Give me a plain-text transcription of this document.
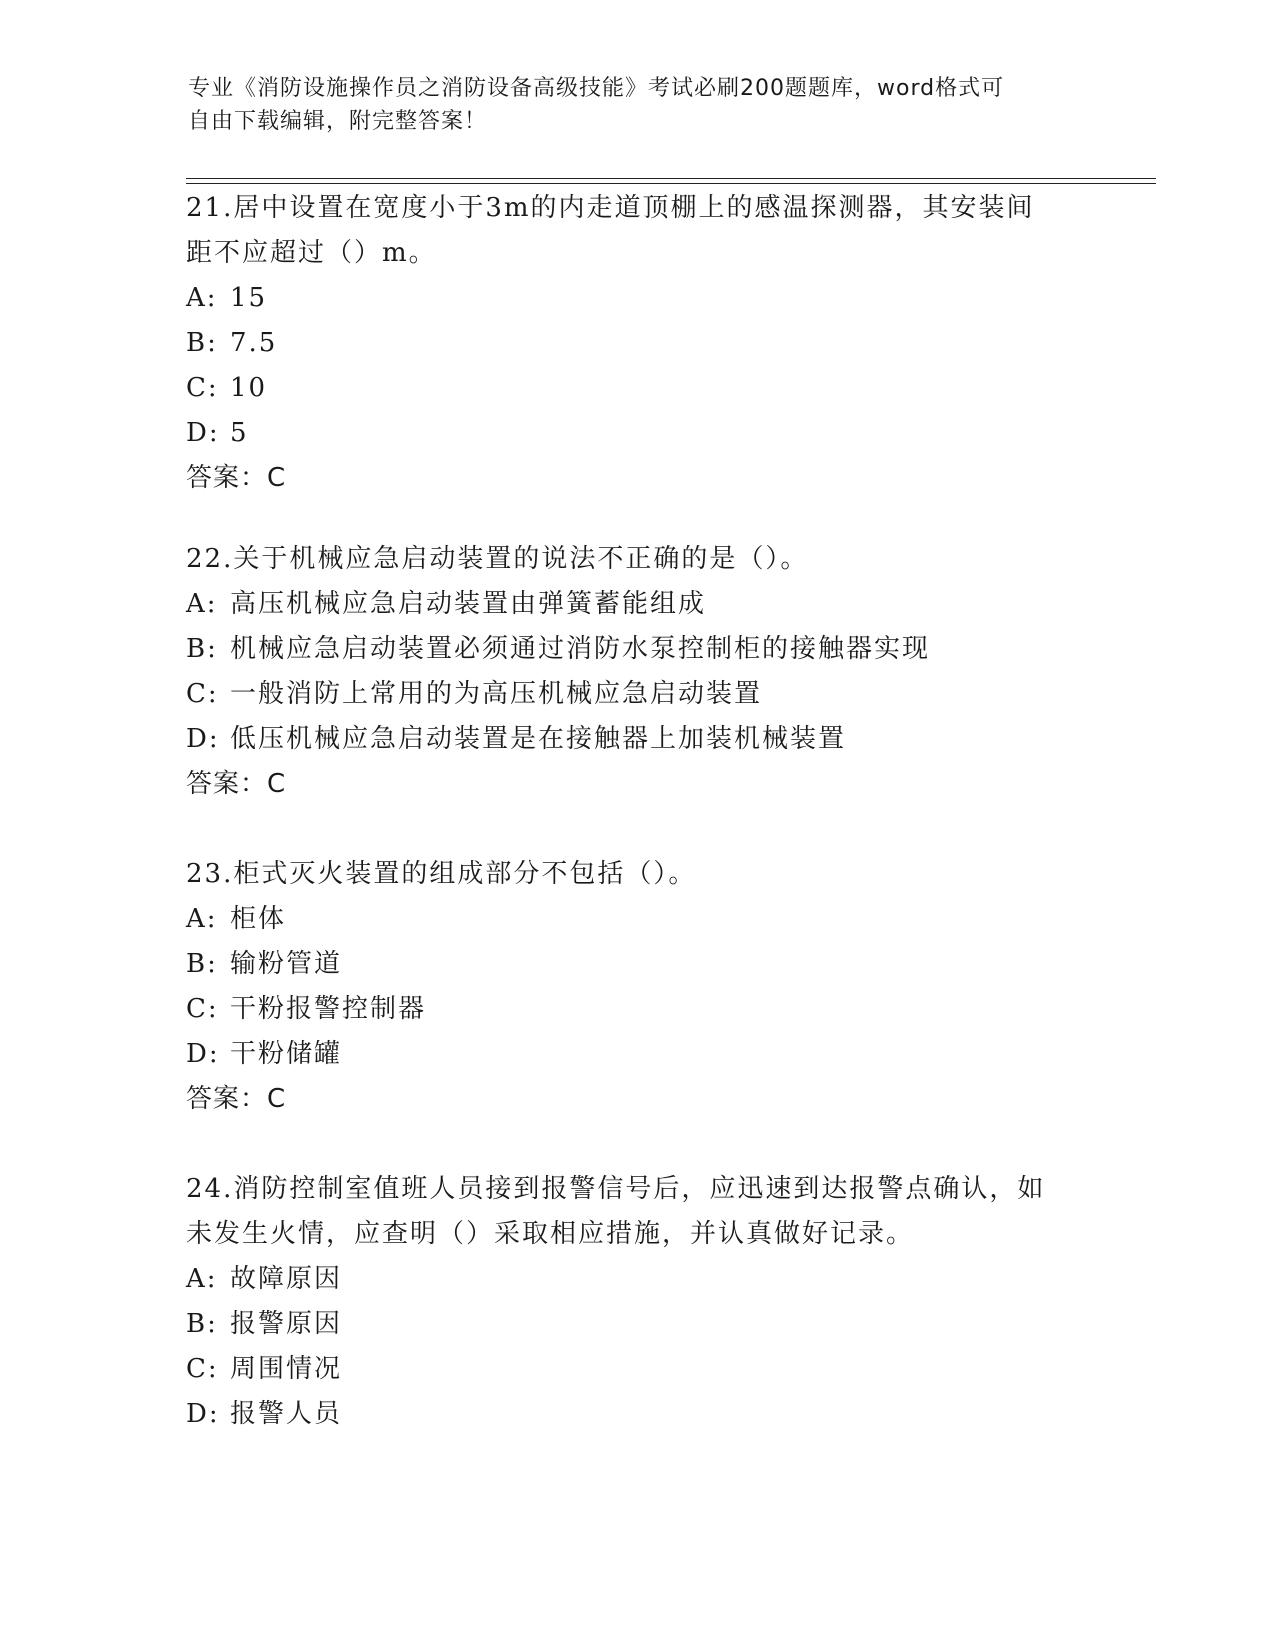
专业《消防设施操作员之消防设备高级技能》考试必刷200题题库，word格式可
自由下载编辑，附完整答案！
21.居中设置在宽度小于3m的内走道顶棚上的感温探测器，其安装间
距不应超过（）m。
A: 15
B: 7.5
C: 10
D: 5
答案：C
22.关于机械应急启动装置的说法不正确的是（）。
A: 高压机械应急启动装置由弹簧蓄能组成
B: 机械应急启动装置必须通过消防水泵控制柜的接触器实现
C: 一般消防上常用的为高压机械应急启动装置
D: 低压机械应急启动装置是在接触器上加装机械装置
答案：C
23.柜式灭火装置的组成部分不包括（）。
A: 柜体
B: 输粉管道
C: 干粉报警控制器
D: 干粉储罐
答案：C
24.消防控制室值班人员接到报警信号后，应迅速到达报警点确认，如
未发生火情，应查明（）采取相应措施，并认真做好记录。
A: 故障原因
B: 报警原因
C: 周围情况
D: 报警人员
